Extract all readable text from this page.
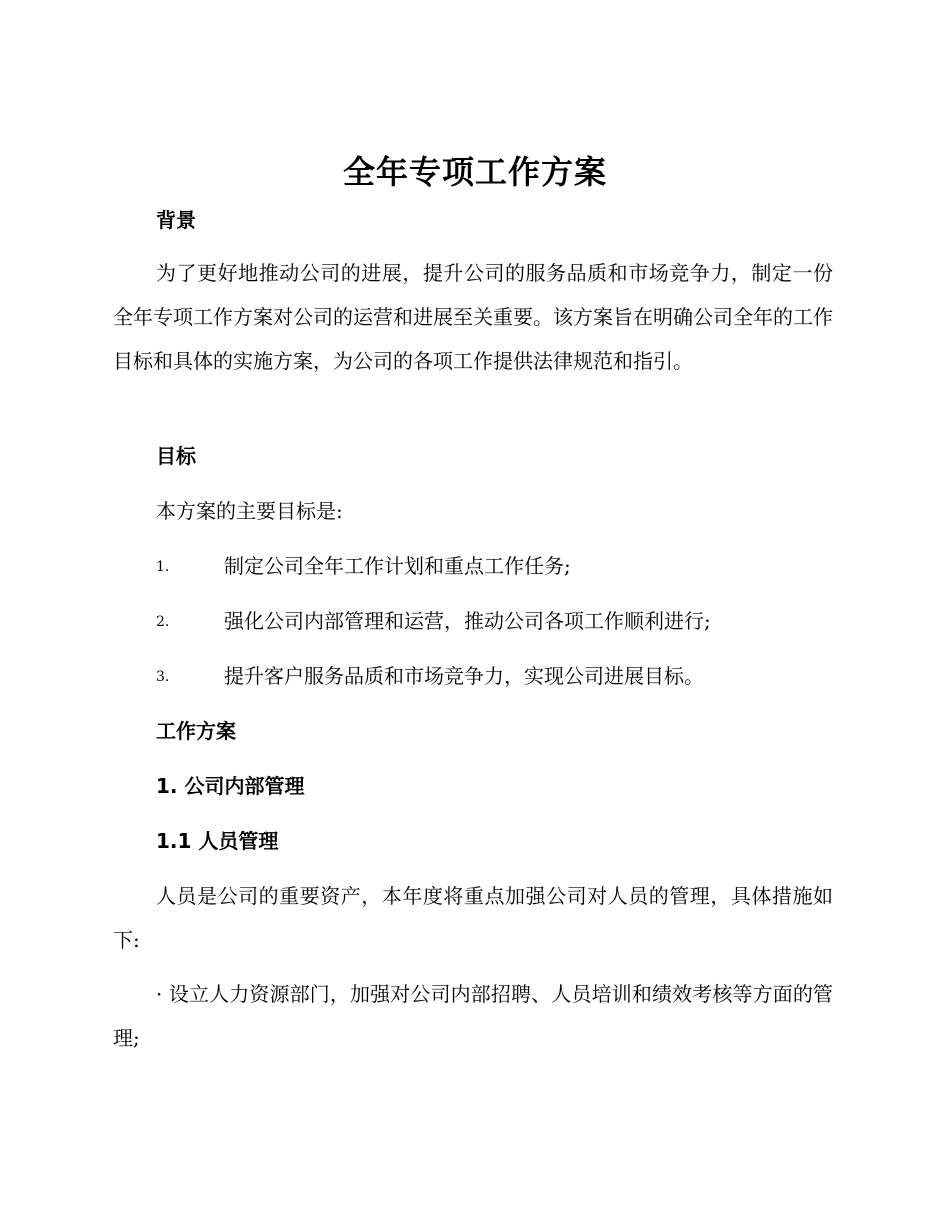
全年专项工作方案
背景
为了更好地推动公司的进展，提升公司的服务品质和市场竞争力，制定一份全年专项工作方案对公司的运营和进展至关重要。该方案旨在明确公司全年的工作目标和具体的实施方案，为公司的各项工作提供法律规范和指引。
目标
本方案的主要目标是:
1.	制定公司全年工作计划和重点工作任务;
2.	强化公司内部管理和运营，推动公司各项工作顺利进行;
3.	提升客户服务品质和市场竞争力，实现公司进展目标。
工作方案
1. 公司内部管理
1.1 人员管理
人员是公司的重要资产，本年度将重点加强公司对人员的管理，具体措施如下:
· 设立人力资源部门，加强对公司内部招聘、人员培训和绩效考核等方面的管理;
